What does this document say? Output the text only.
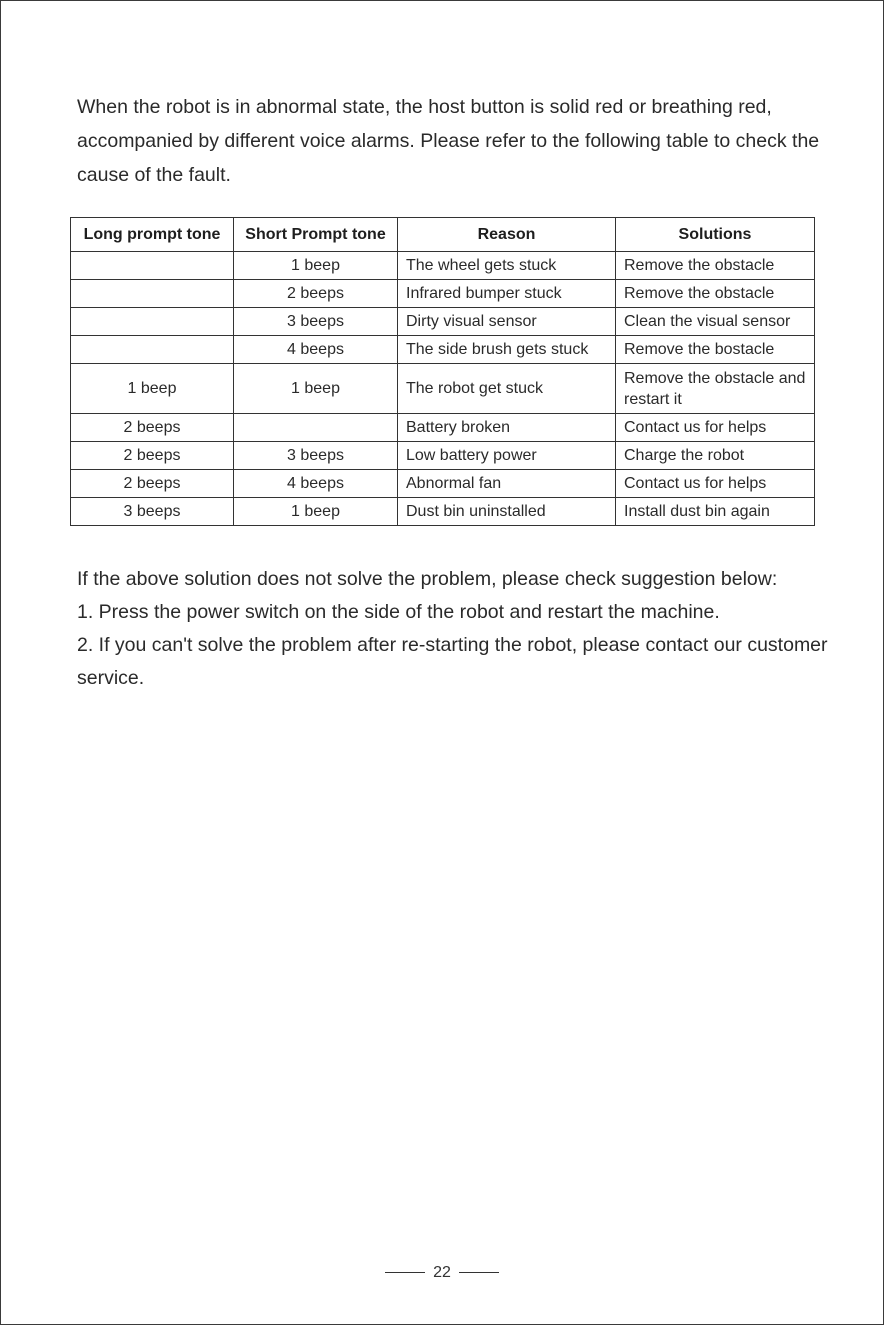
When the robot is in abnormal state, the host button is solid red or breathing red, accompanied by different voice alarms. Please refer to the following table to check the cause of the fault.

Long prompt tone	Short Prompt tone	Reason	Solutions
	1 beep	The wheel gets stuck	Remove the obstacle
	2 beeps	Infrared bumper stuck	Remove the obstacle
	3 beeps	Dirty visual sensor	Clean the visual sensor
	4 beeps	The side brush gets stuck	Remove the bostacle
1 beep	1 beep	The robot get stuck	Remove the obstacle and restart it
2 beeps		Battery broken	Contact us for helps
2 beeps	3 beeps	Low battery power	Charge the robot
2 beeps	4 beeps	Abnormal fan	Contact us for helps
3 beeps	1 beep	Dust bin uninstalled	Install dust bin again

If the above solution does not solve the problem, please check suggestion below:

1. Press the power switch on the side of the robot and restart the machine.

2. If you can't solve the problem after re-starting the robot, please contact our customer service.

22
